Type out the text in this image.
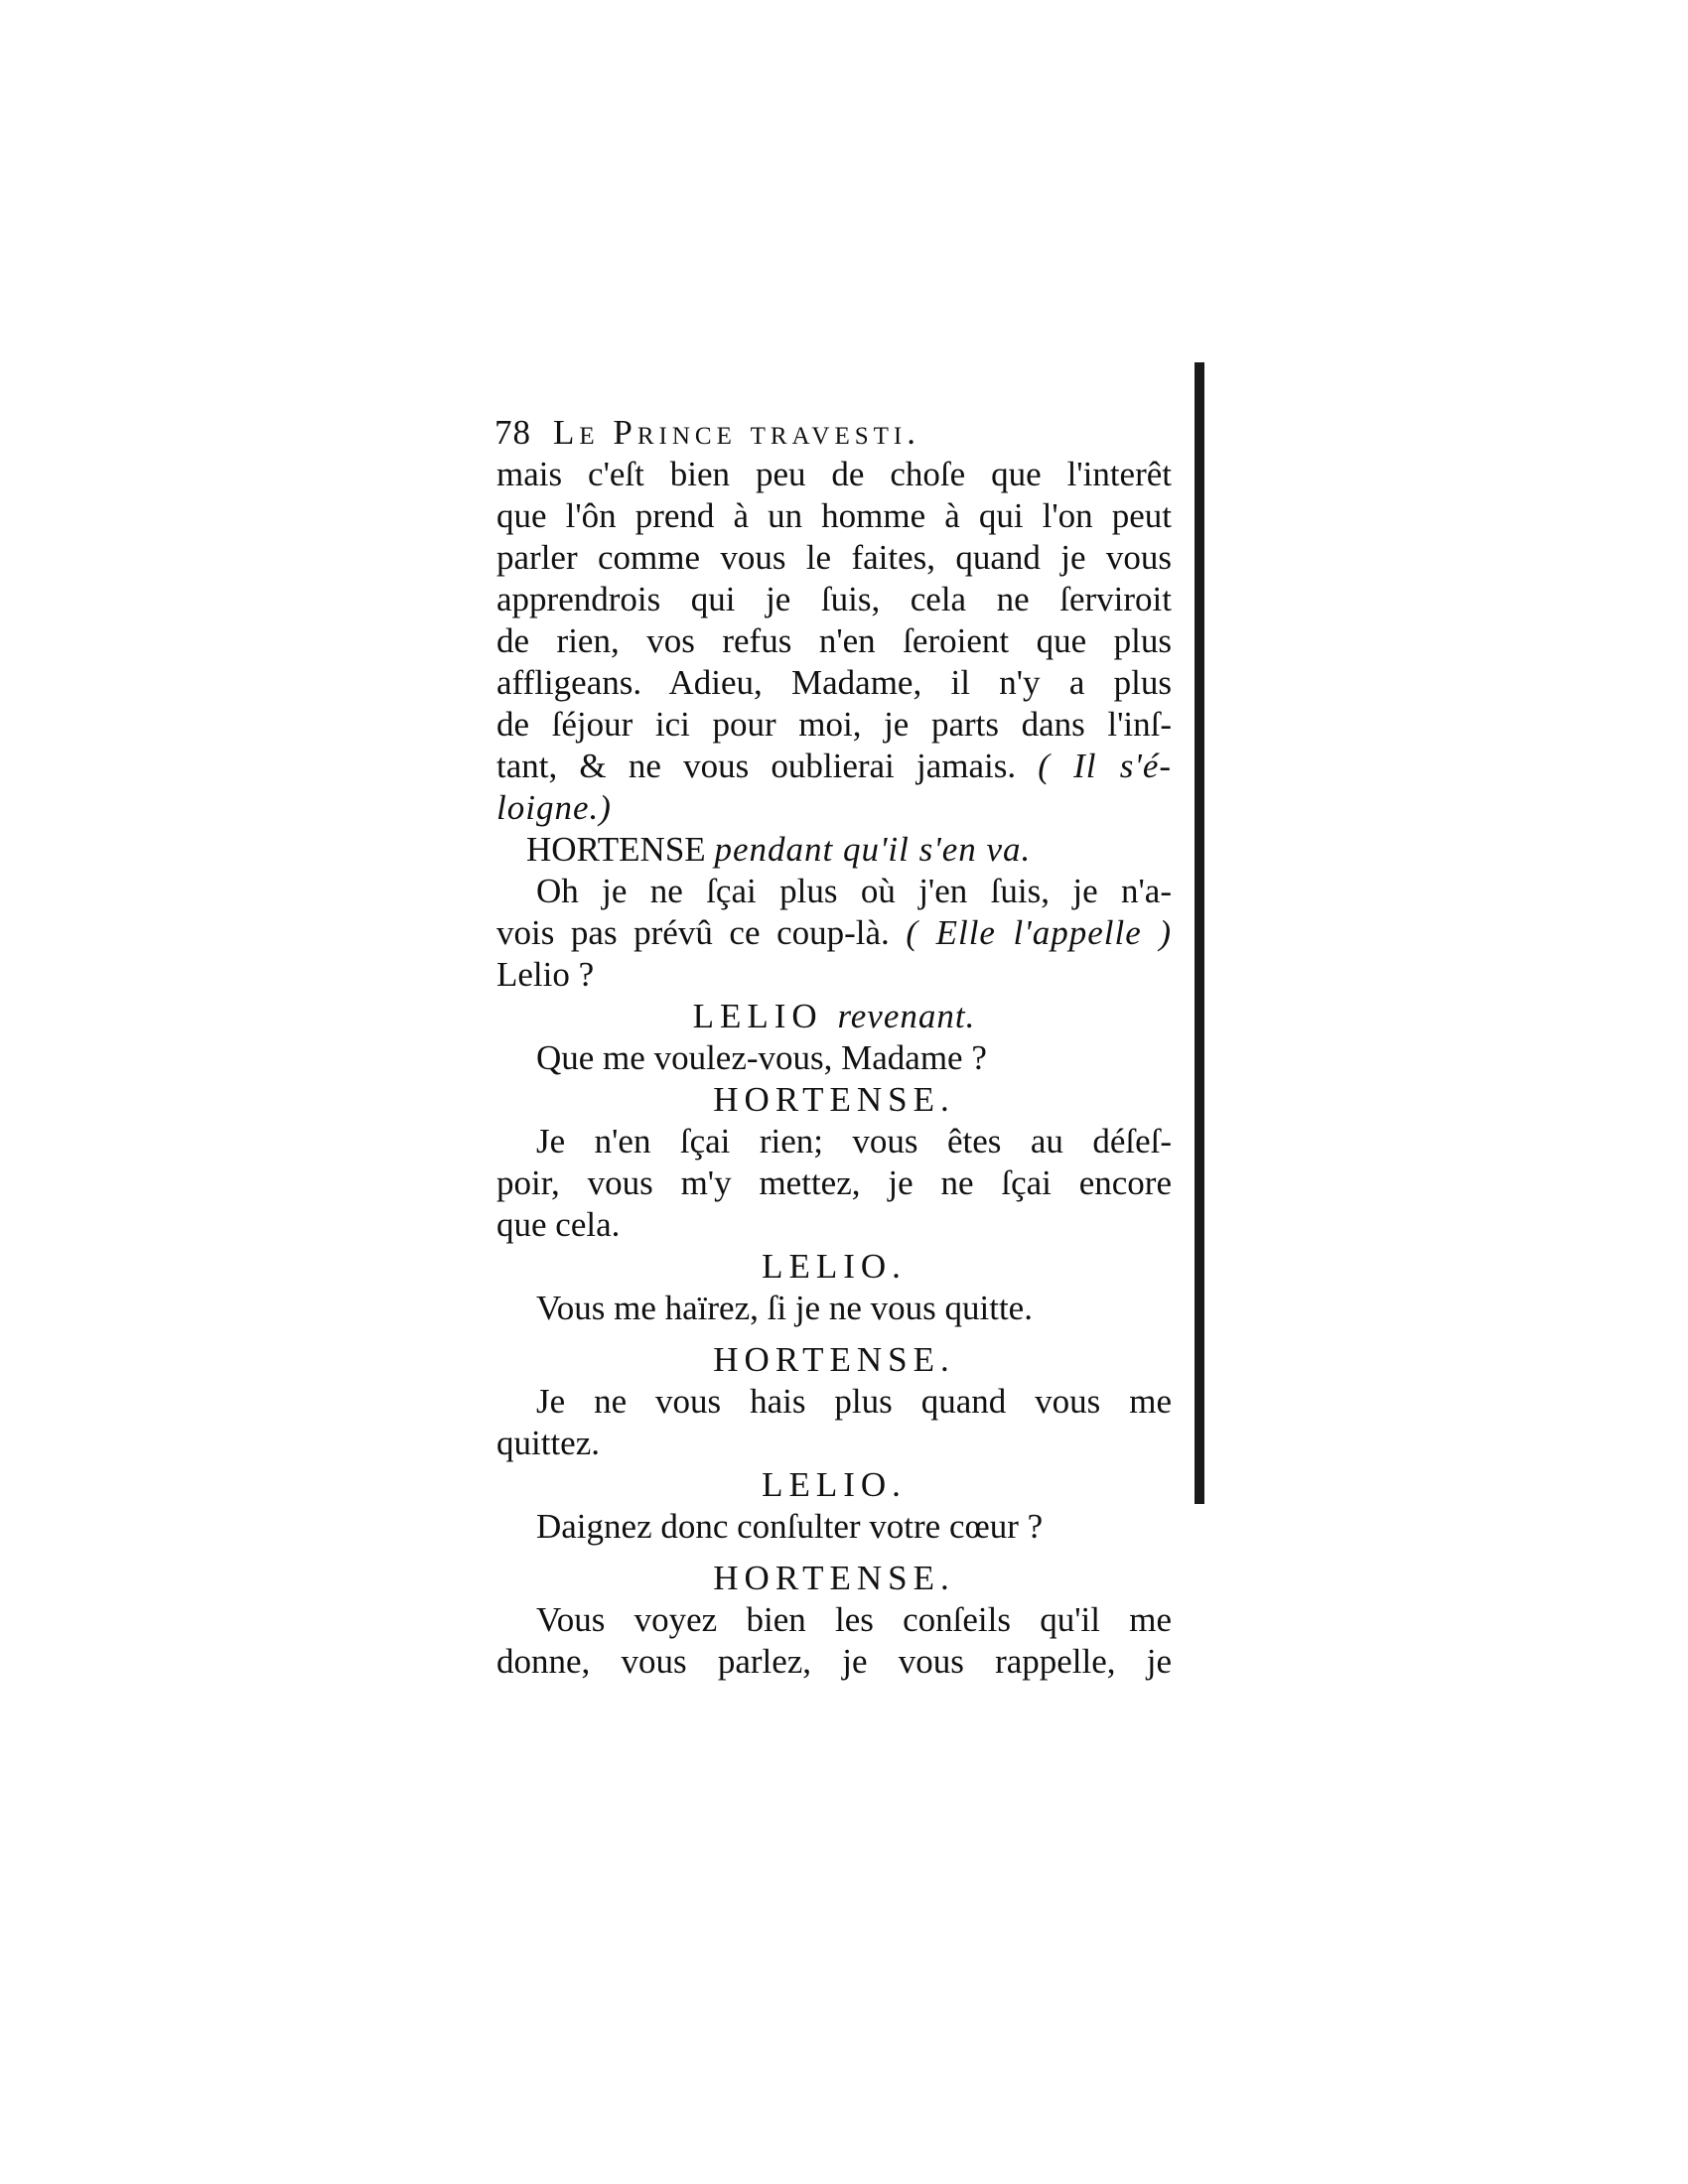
78 Le Prince travesti.
mais c'eſt bien peu de choſe que l'interêt
que l'ôn prend à un homme à qui l'on peut
parler comme vous le faites, quand je vous
apprendrois qui je ſuis, cela ne ſerviroit
de rien, vos refus n'en ſeroient que plus
affligeans. Adieu, Madame, il n'y a plus
de ſéjour ici pour moi, je parts dans l'inſ-
tant, & ne vous oublierai jamais. ( Il s'é-
loigne.)
HORTENSE pendant qu'il s'en va.
Oh je ne ſçai plus où j'en ſuis, je n'a-
vois pas prévû ce coup-là. ( Elle l'appelle )
Lelio ?
LELIO revenant.
Que me voulez-vous, Madame ?
HORTENSE.
Je n'en ſçai rien; vous êtes au déſeſ-
poir, vous m'y mettez, je ne ſçai encore
que cela.
LELIO.
Vous me haïrez, ſi je ne vous quitte.
HORTENSE.
Je ne vous hais plus quand vous me
quittez.
LELIO.
Daignez donc conſulter votre cœur ?
HORTENSE.
Vous voyez bien les conſeils qu'il me
donne, vous parlez, je vous rappelle, je
